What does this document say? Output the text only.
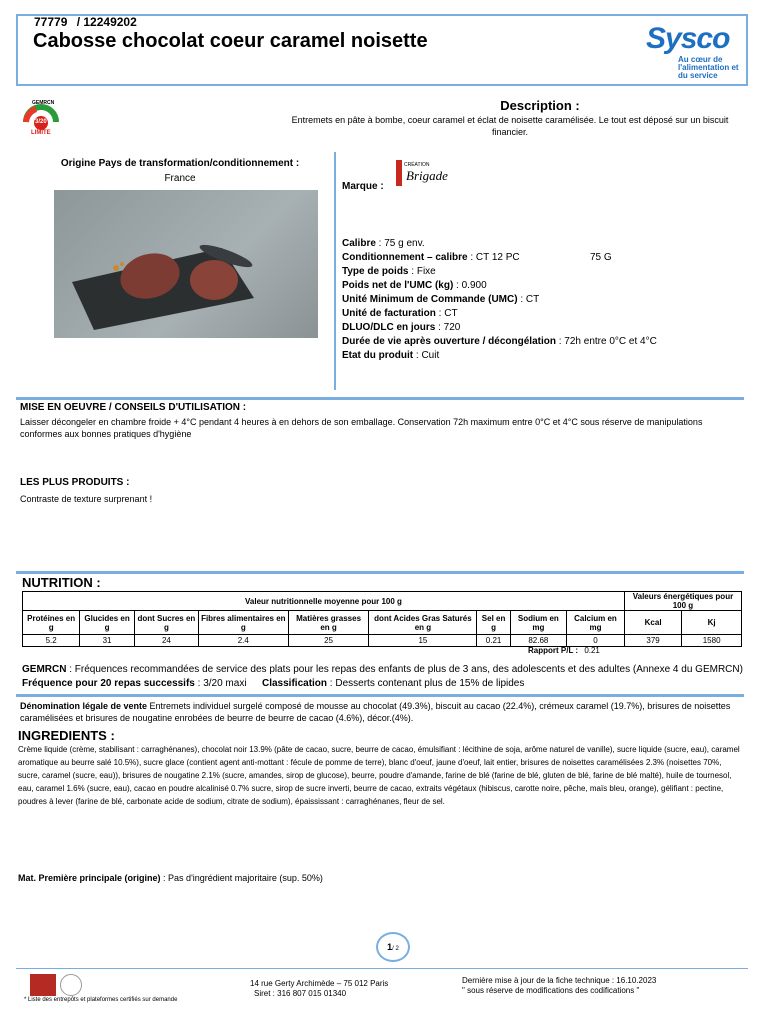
77779 / 12249202
Cabosse chocolat coeur caramel noisette	Sysco
Au cœur de l'alimentation et du service
GEMRCN
3/20
LIMITE
Description :
Entremets en pâte à bombe, coeur caramel et éclat de noisette caramélisée. Le tout est déposé sur un biscuit financier.
Origine Pays de transformation/conditionnement :
France
Marque :
CRÉATION
Brigade
Calibre : 75 g env.
Conditionnement – calibre : CT 12 PC	75 G
Type de poids : Fixe
Poids net de l'UMC (kg) : 0.900
Unité Minimum de Commande (UMC) : CT
Unité de facturation : CT
DLUO/DLC en jours : 720
Durée de vie après ouverture / décongélation : 72h entre 0°C et 4°C
Etat du produit : Cuit
MISE EN OEUVRE / CONSEILS D'UTILISATION :
Laisser décongeler en chambre froide + 4°C pendant 4 heures à en dehors de son emballage. Conservation 72h maximum entre 0°C et 4°C sous réserve de manipulations conformes aux bonnes pratiques d'hygiène
LES PLUS PRODUITS :
Contraste de texture surprenant !
NUTRITION :
Valeur nutritionnelle moyenne pour 100 g									Valeurs énergétiques pour 100 g	
Protéines en g	Glucides en g	dont Sucres en g	Fibres alimentaires en g	Matières grasses en g	dont Acides Gras Saturés en g	Sel en g	Sodium en mg	Calcium en mg	Kcal	Kj
5.2	31	24	2.4	25	15	0.21	82.68	0	379	1580
Rapport P/L : 0.21
GEMRCN : Fréquences recommandées de service des plats pour les repas des enfants de plus de 3 ans, des adolescents et des adultes (Annexe 4 du GEMRCN)
Fréquence pour 20 repas successifs : 3/20 maxi Classification : Desserts contenant plus de 15% de lipides
Dénomination légale de vente Entremets individuel surgelé composé de mousse au chocolat (49.3%), biscuit au cacao (22.4%), crémeux caramel (19.7%), brisures de noisettes caramélisées et brisures de nougatine enrobées de beurre de beurre de cacao (4.6%), décor.(4%).
INGREDIENTS :
Crème liquide (crème, stabilisant : carraghénanes), chocolat noir 13.9% (pâte de cacao, sucre, beurre de cacao, émulsifiant : lécithine de soja, arôme naturel de vanille), sucre liquide (sucre, eau), caramel aromatique au beurre salé 10.5%), sucre glace (contient agent anti-mottant : fécule de pomme de terre), blanc d'oeuf, jaune d'oeuf, lait entier, brisures de noisettes caramélisées 2.3% (noisettes 70%, sucre, caramel (sucre, eau)), brisures de nougatine 2.1% (sucre, amandes, sirop de glucose), beurre, poudre d'amande, farine de blé (farine de blé, gluten de blé, farine de blé malté), huile de tournesol, eau, caramel 1.6% (sucre, eau), cacao en poudre alcalinisé 0.7% sucre, sirop de sucre inverti, beurre de cacao, extraits végétaux (hibiscus, carotte noire, pêche, maïs bleu, orange), gélifiant : pectine, poudres à lever (farine de blé, carbonate acide de sodium, citrate de sodium), épaississant : carraghénanes, fleur de sel.
Mat. Première principale (origine) : Pas d'ingrédient majoritaire (sup. 50%)
1/ 2
* Liste des entrepôts et plateformes certifiés sur demande
14 rue Gerty Archimède – 75 012 Paris
Siret : 316 807 015 01340
Dernière mise à jour de la fiche technique : 16.10.2023
" sous réserve de modifications des codifications "
